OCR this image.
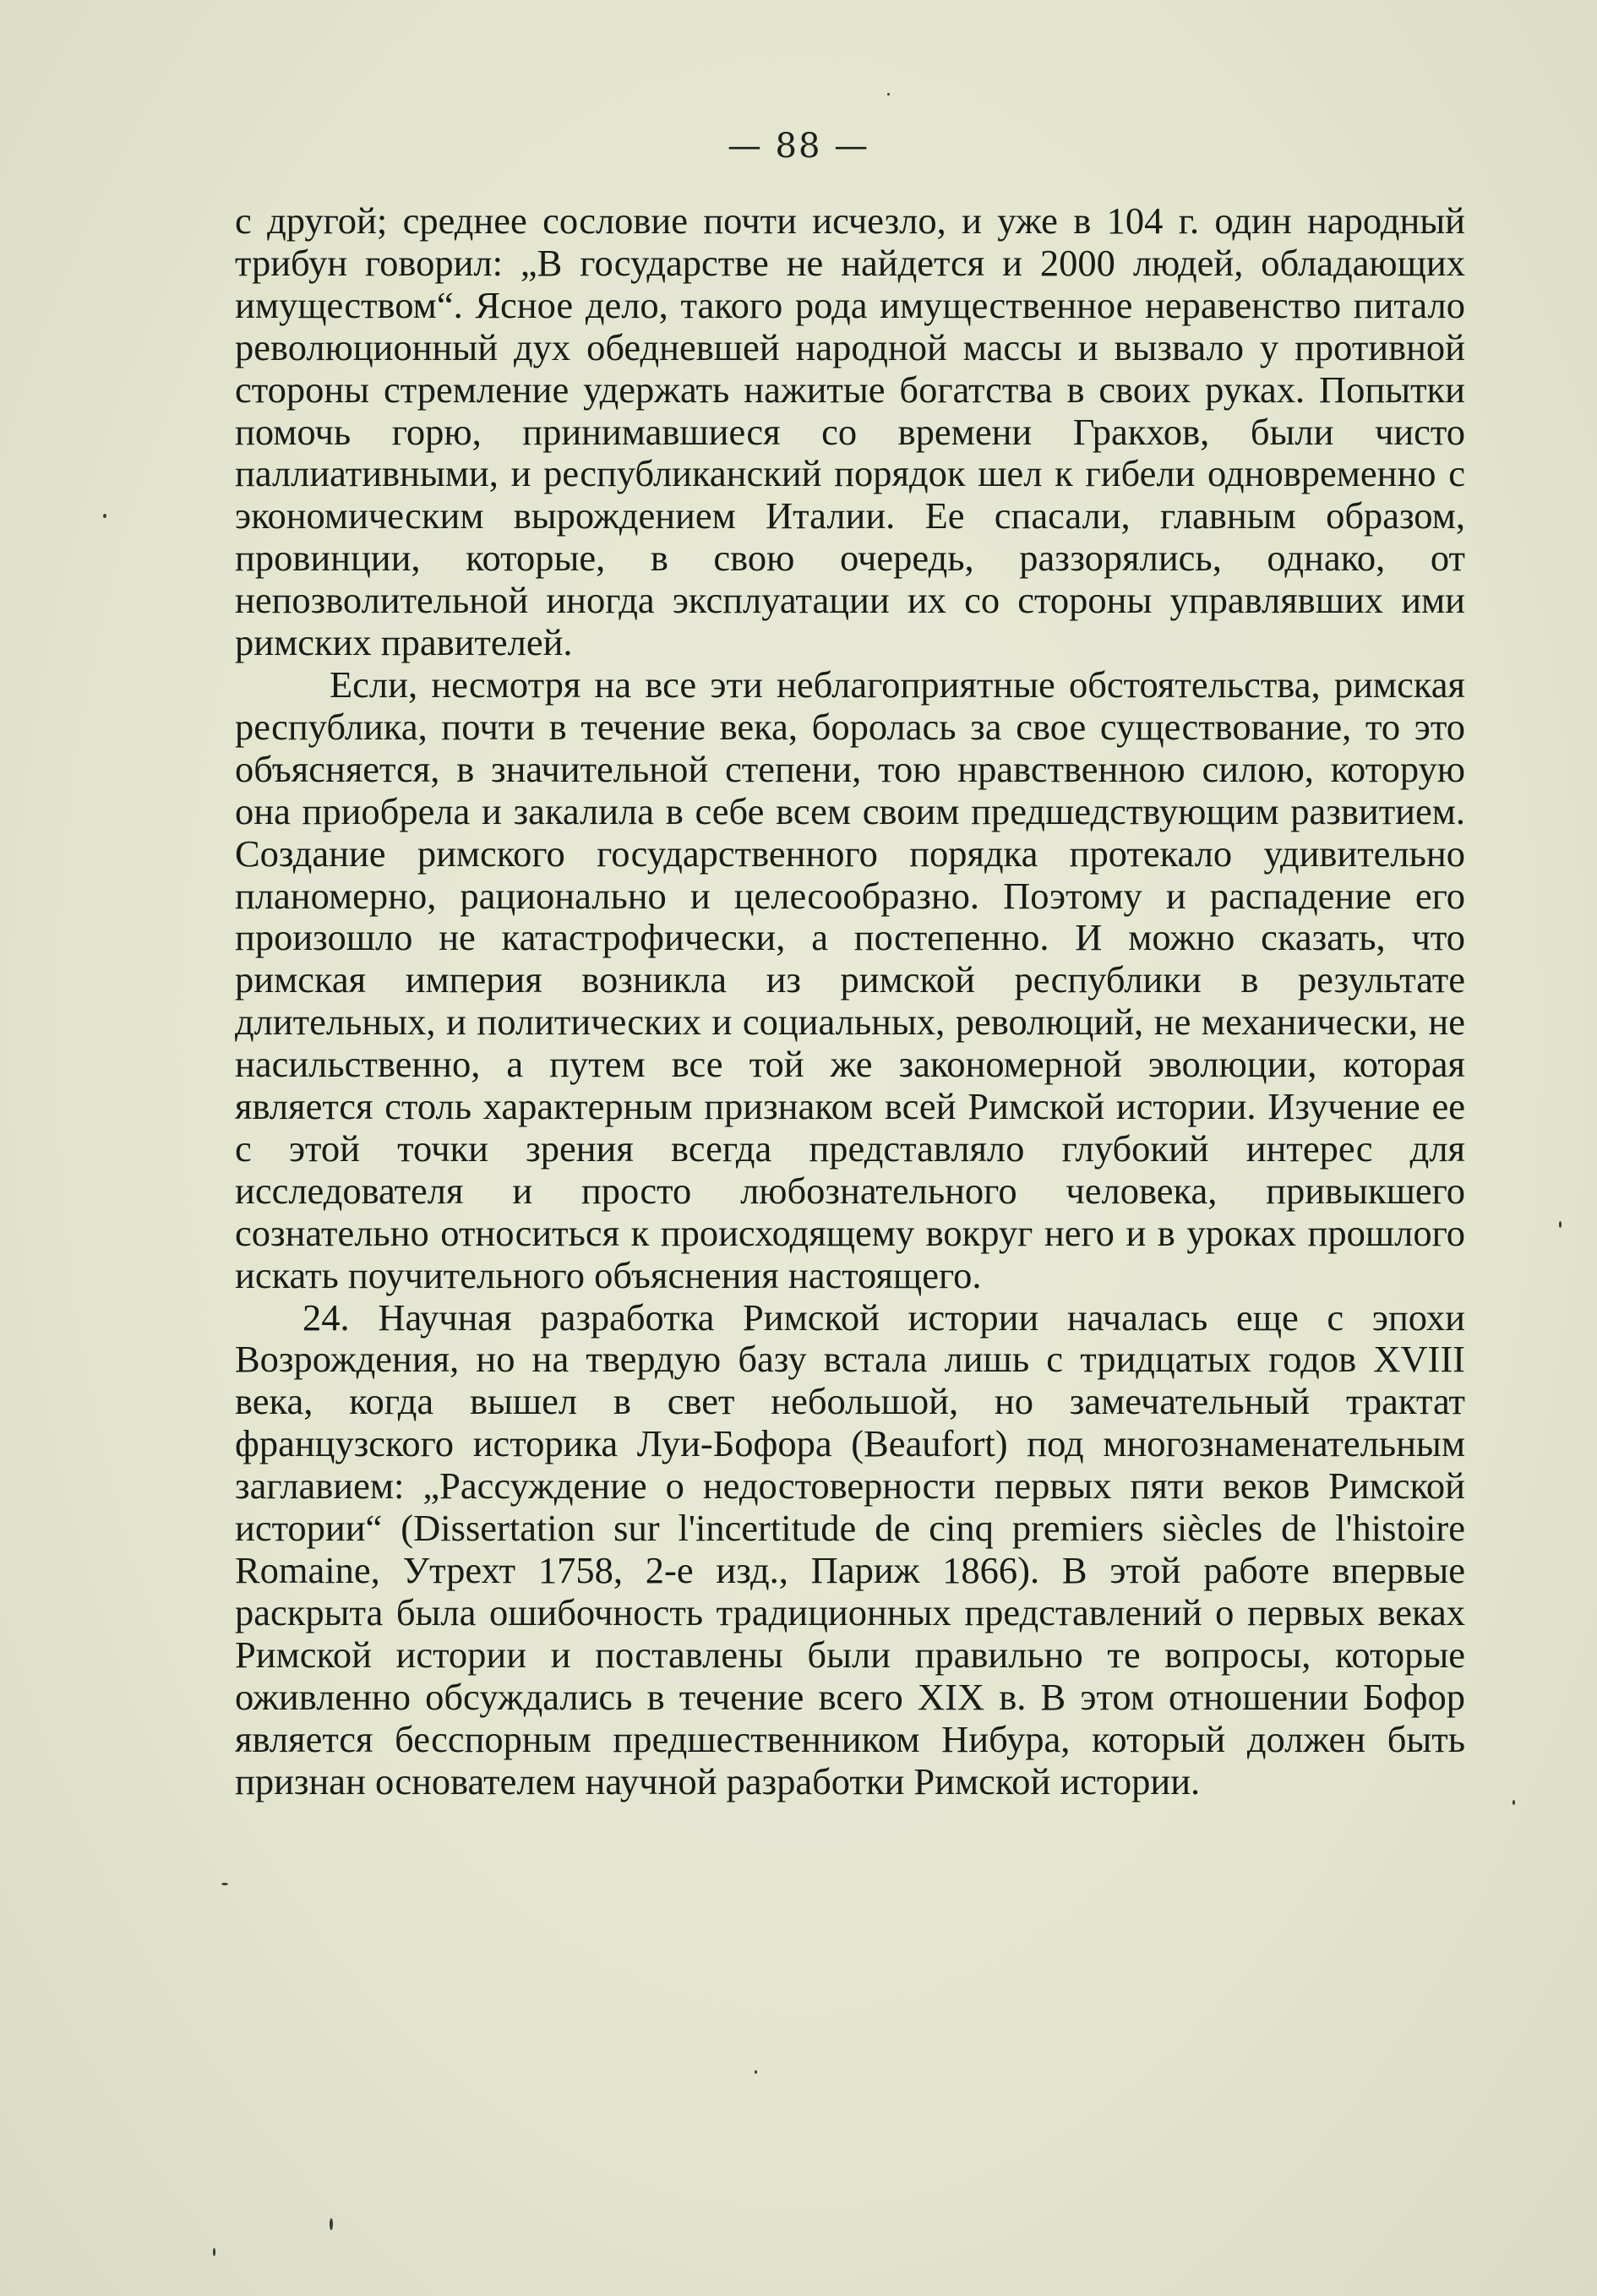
— 88 —

с другой; среднее сословие почти исчезло, и уже в 104 г. один народный трибун говорил: „В государстве не найдется и 2000 людей, обладающих имуществом“. Ясное дело, такого рода имущественное неравенство питало революционный дух обедневшей народной массы и вызвало у противной стороны стремление удержать нажитые богатства в своих руках. Попытки помочь горю, принимавшиеся со времени Гракхов, были чисто паллиативными, и республиканский порядок шел к гибели одновременно с экономическим вырождением Италии. Ее спасали, главным образом, провинции, которые, в свою очередь, раззорялись, однако, от непозволительной иногда эксплуатации их со стороны управлявших ими римских правителей.

Если, несмотря на все эти неблагоприятные обстоятельства, римская республика, почти в течение века, боролась за свое существование, то это объясняется, в значительной степени, тою нравственною силою, которую она приобрела и закалила в себе всем своим предшедствующим развитием. Создание римского государственного порядка протекало удивительно планомерно, рационально и целесообразно. Поэтому и распадение его произошло не катастрофически, а постепенно. И можно сказать, что римская империя возникла из римской республики в результате длительных, и политических и социальных, революций, не механически, не насильственно, а путем все той же закономерной эволюции, которая является столь характерным признаком всей Римской истории. Изучение ее с этой точки зрения всегда представляло глубокий интерес для исследователя и просто любознательного человека, привыкшего сознательно относиться к происходящему вокруг него и в уроках прошлого искать поучительного объяснения настоящего.

24. Научная разработка Римской истории началась еще с эпохи Возрождения, но на твердую базу встала лишь с тридцатых годов XVIII века, когда вышел в свет небольшой, но замечательный трактат французского историка Луи-Бофора (Beaufort) под многознаменательным заглавием: „Рассуждение о недостоверности первых пяти веков Римской истории“ (Dissertation sur l'incertitude de cinq premiers siècles de l'histoire Romaine, Утрехт 1758, 2-е изд., Париж 1866). В этой работе впервые раскрыта была ошибочность традиционных представлений о первых веках Римской истории и поставлены были правильно те вопросы, которые оживленно обсуждались в течение всего XIX в. В этом отношении Бофор является бесспорным предшественником Нибура, который должен быть признан основателем научной разработки Римской истории.
